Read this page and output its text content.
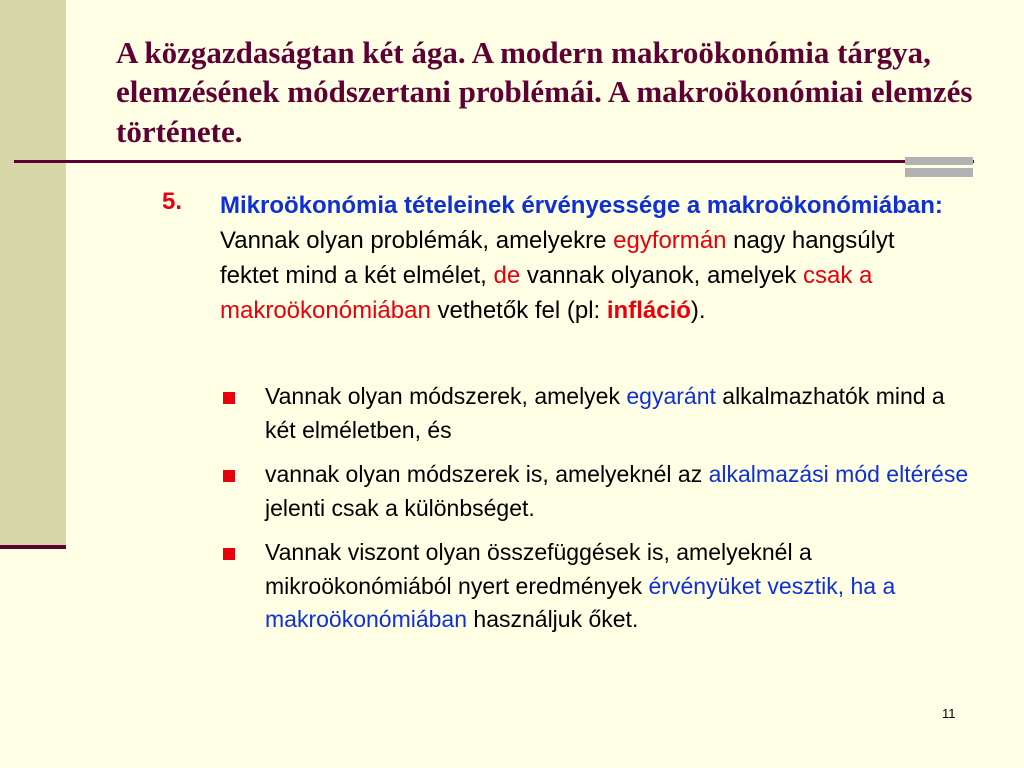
A közgazdaságtan két ága. A modern makroökonómia tárgya, elemzésének módszertani problémái. A makroökonómiai elemzés története.
5. Mikroökonómia tételeinek érvényessége a makroökonómiában: Vannak olyan problémák, amelyekre egyformán nagy hangsúlyt fektet mind a két elmélet, de vannak olyanok, amelyek csak a makroökonómiában vethetők fel (pl: infláció).
Vannak olyan módszerek, amelyek egyaránt alkalmazhatók mind a két elméletben, és
vannak olyan módszerek is, amelyeknél az alkalmazási mód eltérése jelenti csak a különbséget.
Vannak viszont olyan összefüggések is, amelyeknél a mikroökonómiából nyert eredmények érvényüket vesztik, ha a makroökonómiában használjuk őket.
11
